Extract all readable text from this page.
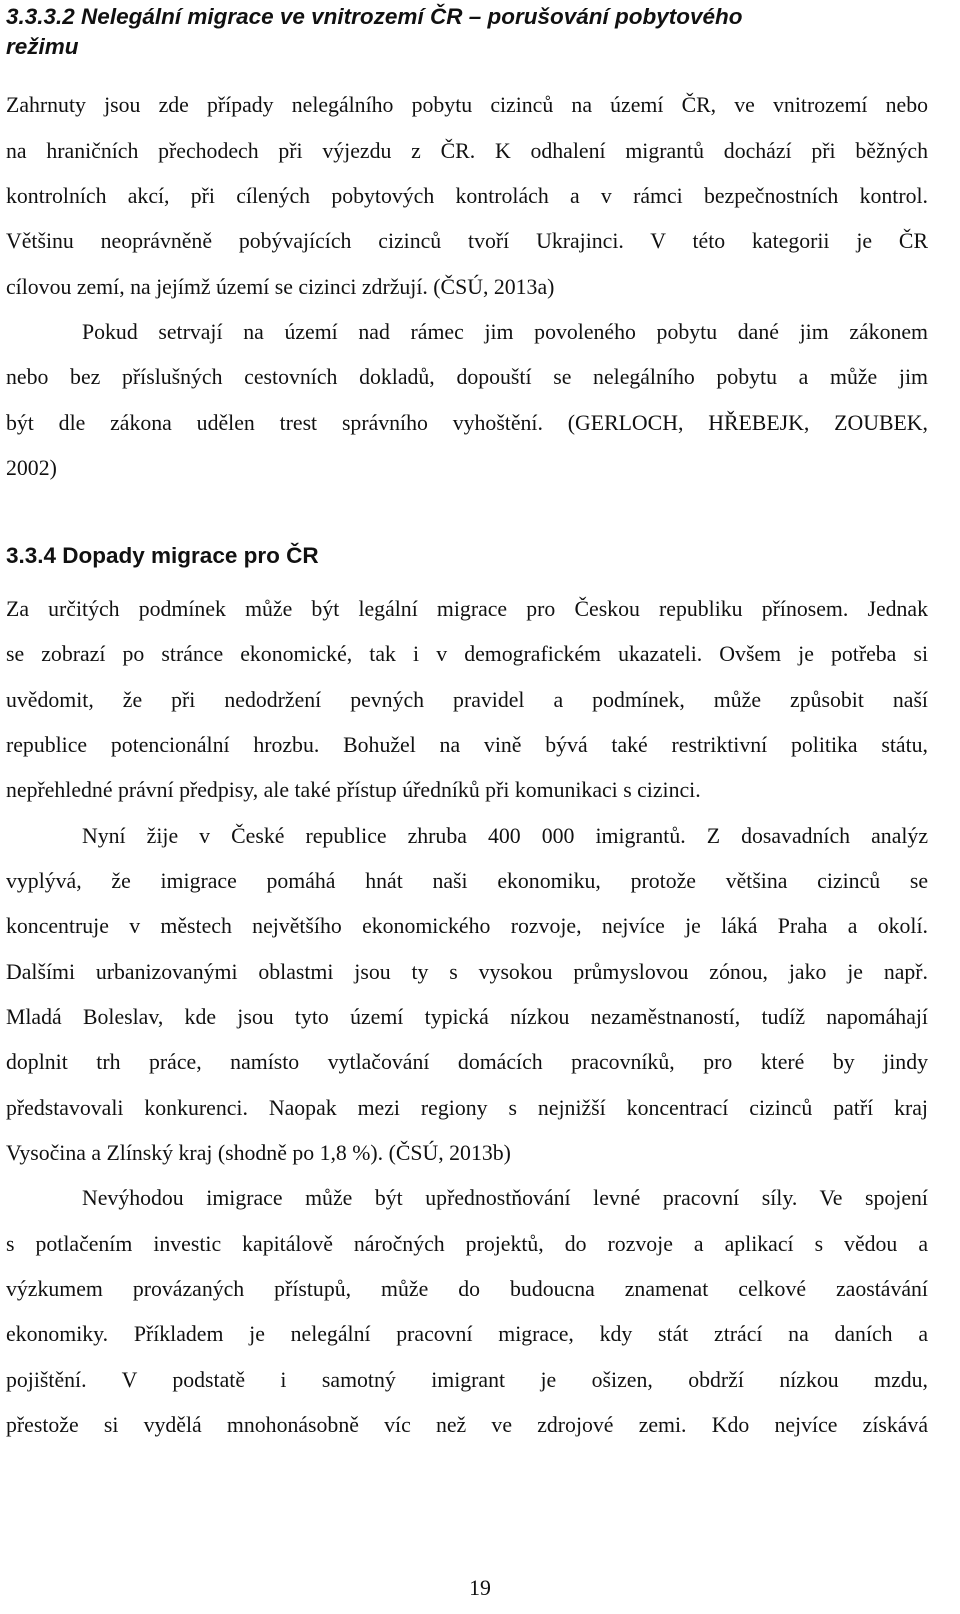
3.3.3.2 Nelegální migrace ve vnitrozemí ČR – porušování pobytového
režimu
Zahrnuty jsou zde případy nelegálního pobytu cizinců na území ČR, ve vnitrozemí nebo
na hraničních přechodech při výjezdu z ČR. K odhalení migrantů dochází při běžných
kontrolních akcí, při cílených pobytových kontrolách a v rámci bezpečnostních kontrol.
Většinu neoprávněně pobývajících cizinců tvoří Ukrajinci. V této kategorii je ČR
cílovou zemí, na jejímž území se cizinci zdržují. (ČSÚ, 2013a)
Pokud setrvají na území nad rámec jim povoleného pobytu dané jim zákonem
nebo bez příslušných cestovních dokladů, dopouští se nelegálního pobytu a může jim
být dle zákona udělen trest správního vyhoštění. (GERLOCH, HŘEBEJK, ZOUBEK,
2002)
3.3.4 Dopady migrace pro ČR
Za určitých podmínek může být legální migrace pro Českou republiku přínosem. Jednak
se zobrazí po stránce ekonomické, tak i v demografickém ukazateli. Ovšem je potřeba si
uvědomit, že při nedodržení pevných pravidel a podmínek, může způsobit naší
republice potencionální hrozbu. Bohužel na vině bývá také restriktivní politika státu,
nepřehledné právní předpisy, ale také přístup úředníků při komunikaci s cizinci.
Nyní žije v České republice zhruba 400 000 imigrantů. Z dosavadních analýz
vyplývá, že imigrace pomáhá hnát naši ekonomiku, protože většina cizinců se
koncentruje v městech největšího ekonomického rozvoje, nejvíce je láká Praha a okolí.
Dalšími urbanizovanými oblastmi jsou ty s vysokou průmyslovou zónou, jako je např.
Mladá Boleslav, kde jsou tyto území typická nízkou nezaměstnaností, tudíž napomáhají
doplnit trh práce, namísto vytlačování domácích pracovníků, pro které by jindy
představovali konkurenci. Naopak mezi regiony s nejnižší koncentrací cizinců patří kraj
Vysočina a Zlínský kraj (shodně po 1,8 %). (ČSÚ, 2013b)
Nevýhodou imigrace může být upřednostňování levné pracovní síly. Ve spojení
s potlačením investic kapitálově náročných projektů, do rozvoje a aplikací s vědou a
výzkumem provázaných přístupů, může do budoucna znamenat celkové zaostávání
ekonomiky. Příkladem je nelegální pracovní migrace, kdy stát ztrácí na daních a
pojištění. V podstatě i samotný imigrant je ošizen, obdrží nízkou mzdu,
přestože si vydělá mnohonásobně víc než ve zdrojové zemi. Kdo nejvíce získává
19
